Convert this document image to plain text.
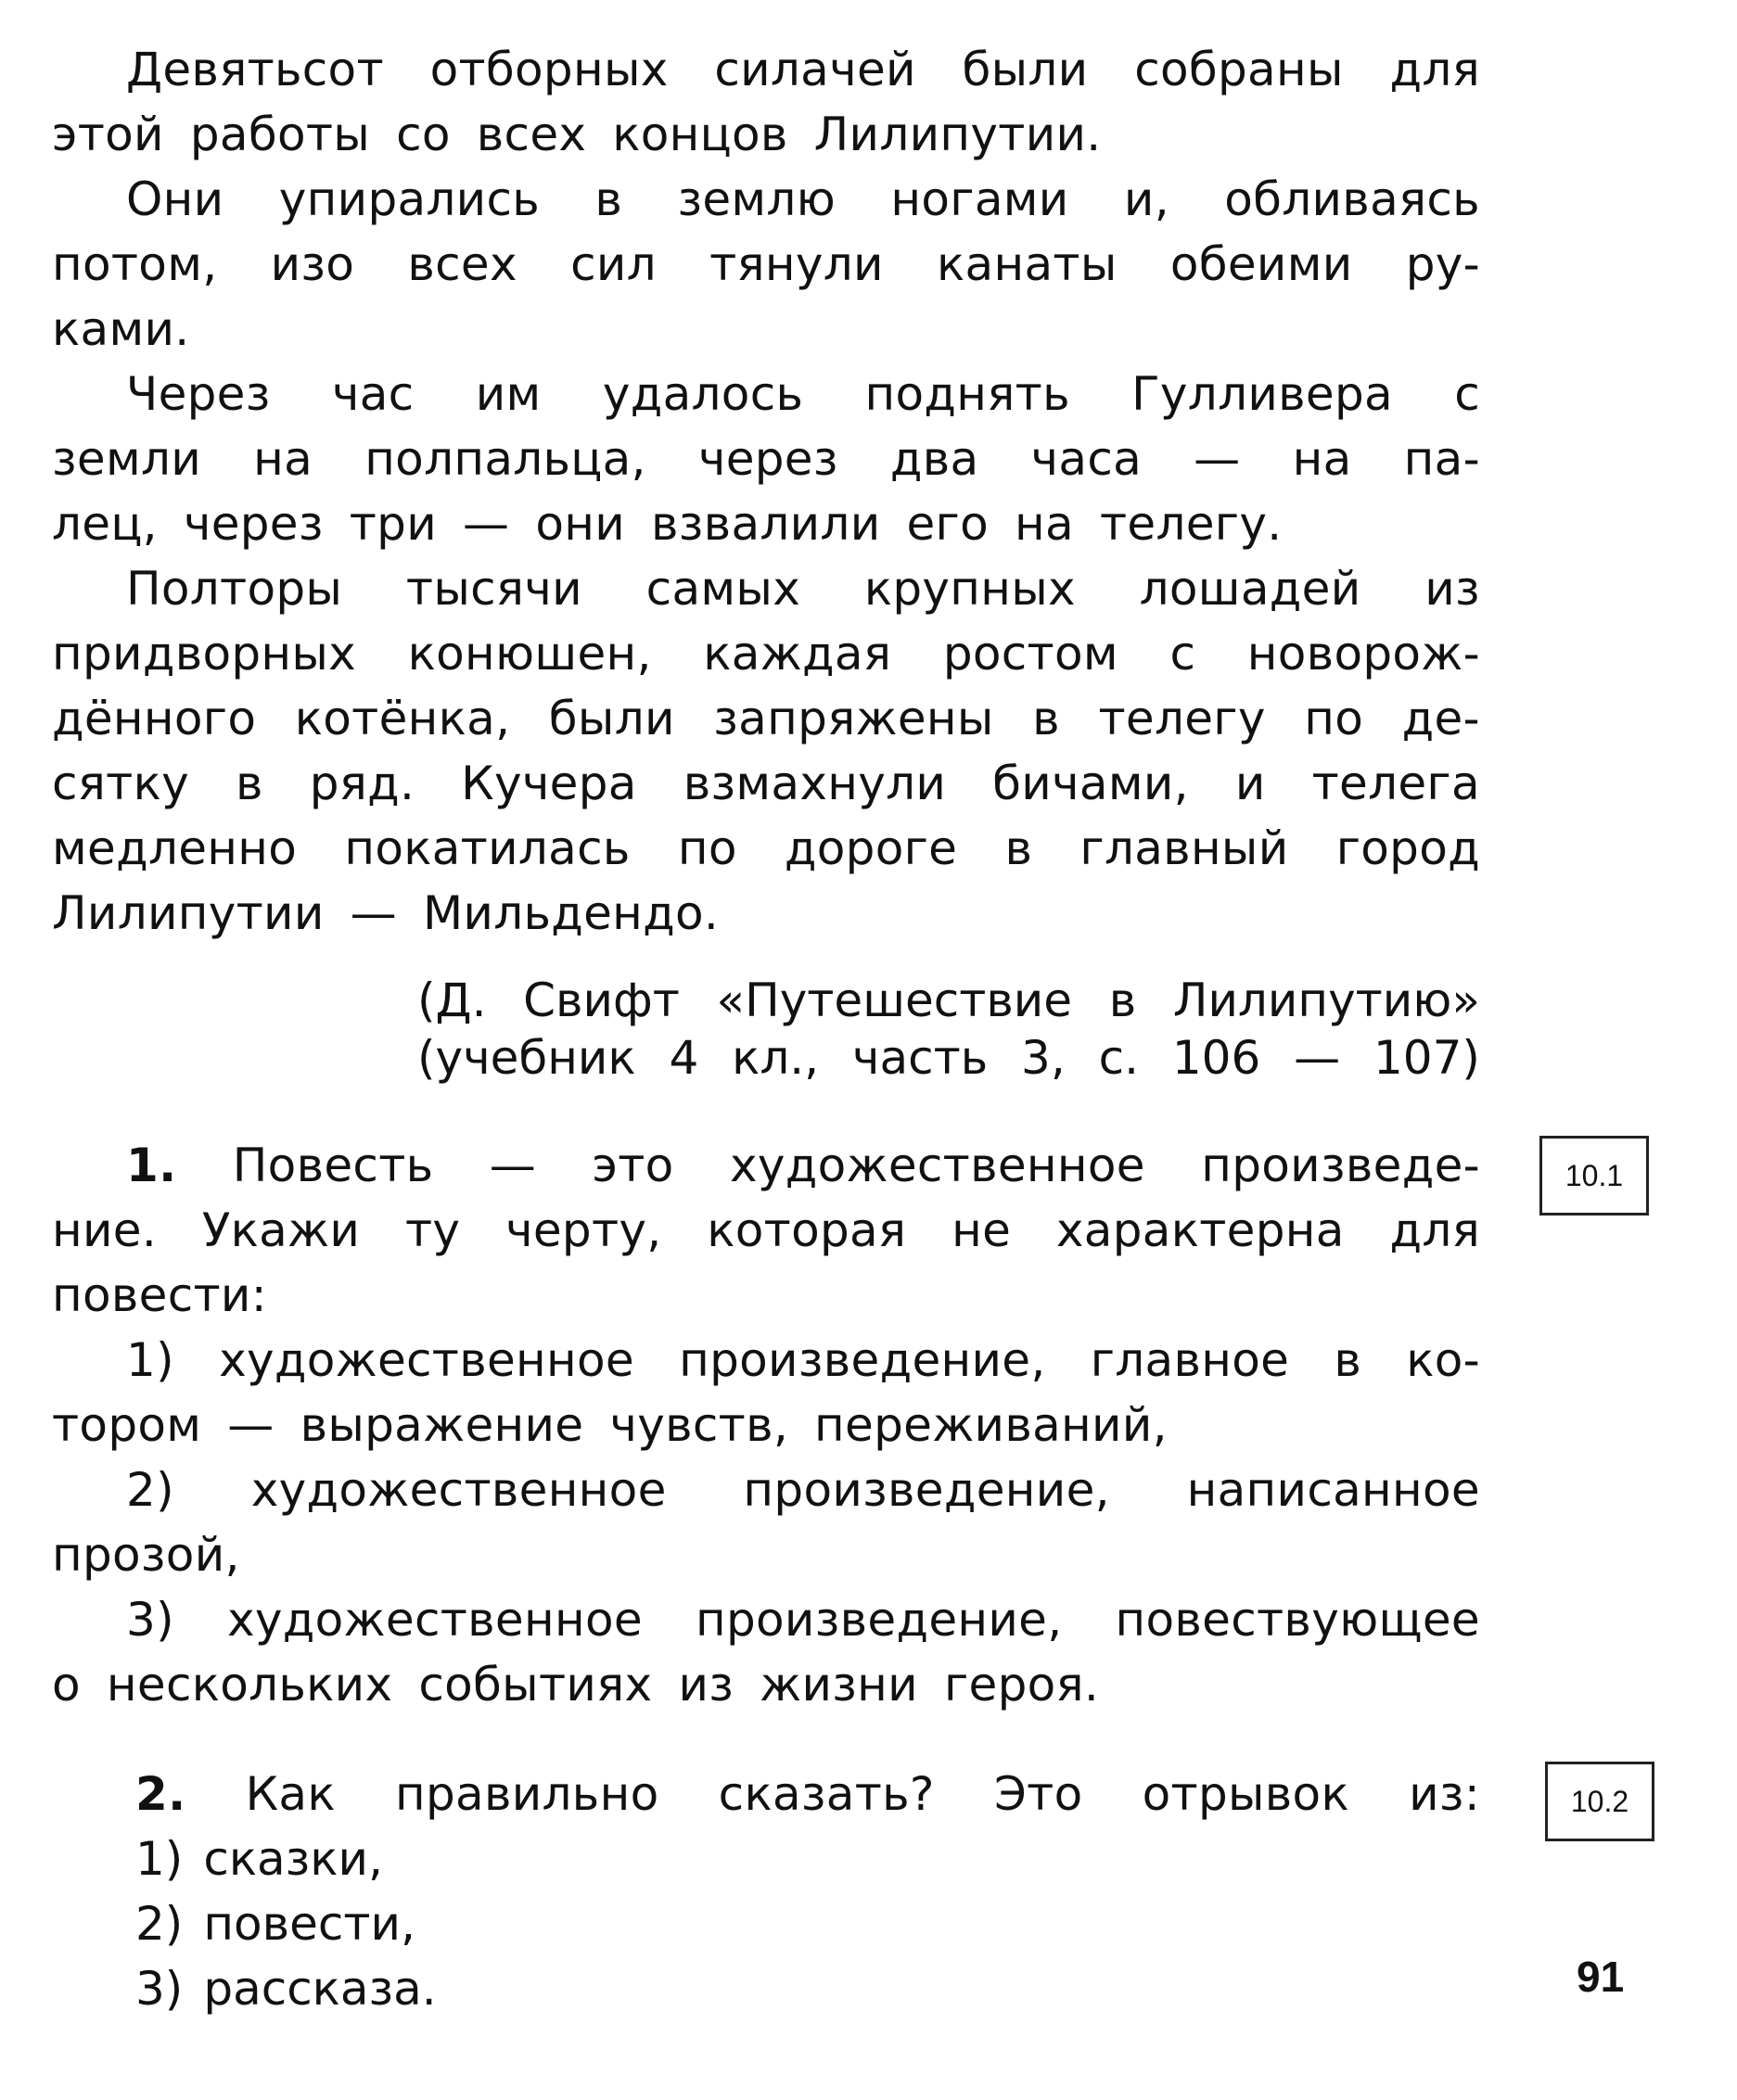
Девятьсот отборных силачей были собраны для
этой работы со всех концов Лилипутии.
Они упирались в землю ногами и, обливаясь
потом, изо всех сил тянули канаты обеими ру-
ками.
Через час им удалось поднять Гулливера с
земли на полпальца, через два часа — на па-
лец, через три — они взвалили его на телегу.
Полторы тысячи самых крупных лошадей из
придворных конюшен, каждая ростом с новорож-
дённого котёнка, были запряжены в телегу по де-
сятку в ряд. Кучера взмахнули бичами, и телега
медленно покатилась по дороге в главный город
Лилипутии — Мильдендо.
(Д. Свифт «Путешествие в Лилипутию»
(учебник 4 кл., часть 3, с. 106 — 107)
1. Повесть — это художественное произведе-
ние. Укажи ту черту, которая не характерна для
повести:
1) художественное произведение, главное в ко-
тором — выражение чувств, переживаний,
2) художественное произведение, написанное
прозой,
3) художественное произведение, повествующее
о нескольких событиях из жизни героя.
10.1
2. Как правильно сказать? Это отрывок из:
1) сказки,
2) повести,
3) рассказа.
10.2
91
